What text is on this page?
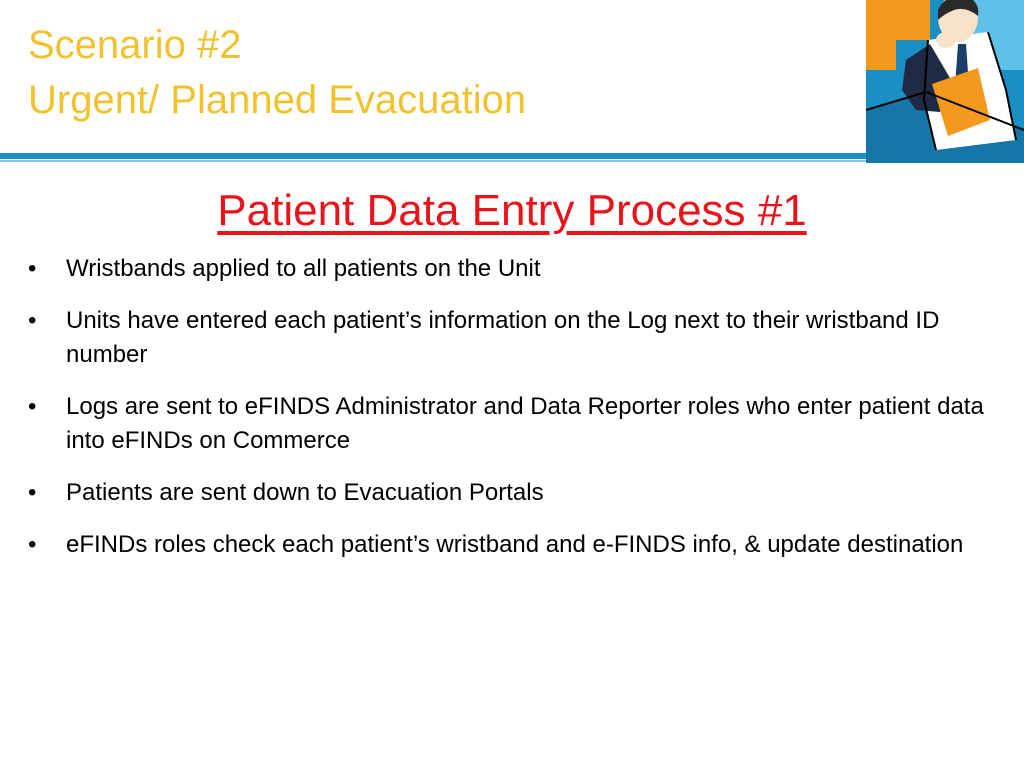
Scenario #2
Urgent/ Planned Evacuation
Patient Data Entry Process #1
•	Wristbands applied to all patients on the Unit
•	Units have entered each patient’s information on the Log next to their wristband ID number
•	Logs are sent to eFINDS Administrator and Data Reporter roles who enter patient data into eFINDs on Commerce
•	Patients are sent down to Evacuation Portals
•	eFINDs roles check each patient’s wristband and e-FINDS info, & update destination
